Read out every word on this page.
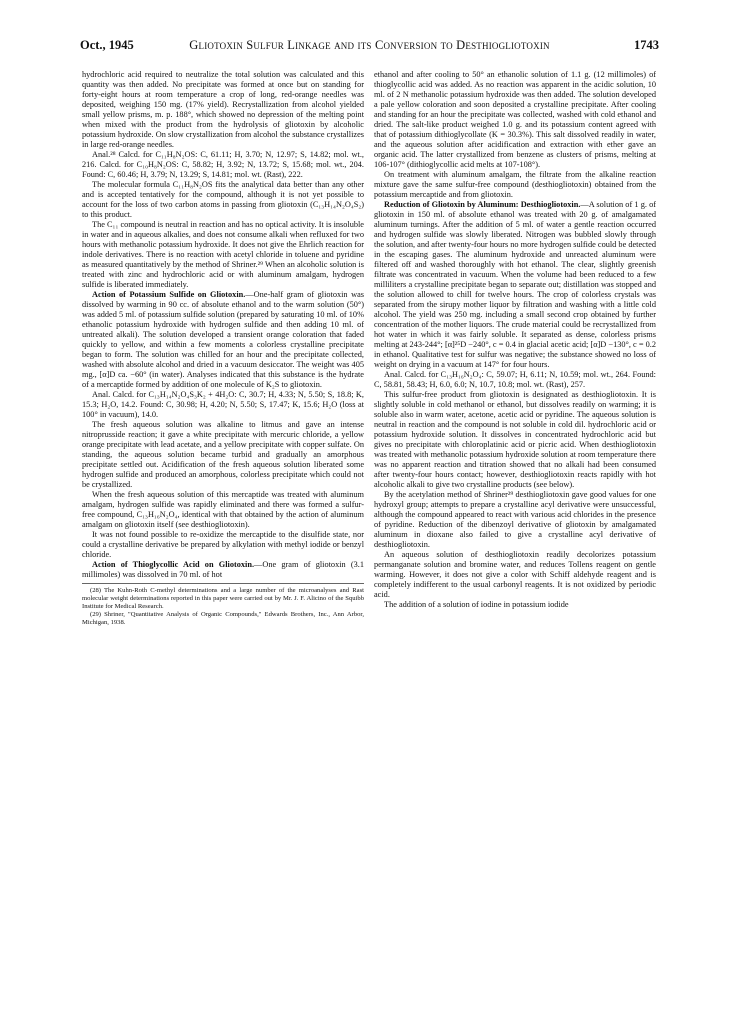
Oct., 1945	Gliotoxin Sulfur Linkage and its Conversion to Desthiogliotoxin	1743

hydrochloric acid required to neutralize the total solution was calculated and this quantity was then added. No precipitate was formed at once but on standing for forty-eight hours at room temperature a crop of long, red-orange needles was deposited, weighing 150 mg. (17% yield). Recrystallization from alcohol yielded small yellow prisms, m. p. 188°, which showed no depression of the melting point when mixed with the product from the hydrolysis of gliotoxin by alcoholic potassium hydroxide. On slow crystallization from alcohol the substance crystallizes in large red-orange needles.

Anal.²⁸ Calcd. for C₁₁H₈N₂OS: C, 61.11; H, 3.70; N, 12.97; S, 14.82; mol. wt., 216. Calcd. for C₁₀H₈N₂OS: C, 58.82; H, 3.92; N, 13.72; S, 15.68; mol. wt., 204. Found: C, 60.46; H, 3.79; N, 13.29; S, 14.81; mol. wt. (Rast), 222.

The molecular formula C₁₁H₈N₂OS fits the analytical data better than any other and is accepted tentatively for the compound, although it is not yet possible to account for the loss of two carbon atoms in passing from gliotoxin (C₁₃H₁₄N₂O₄S₂) to this product.

The C₁₁ compound is neutral in reaction and has no optical activity. It is insoluble in water and in aqueous alkalies, and does not consume alkali when refluxed for two hours with methanolic potassium hydroxide. It does not give the Ehrlich reaction for indole derivatives. There is no reaction with acetyl chloride in toluene and pyridine as measured quantitatively by the method of Shriner.²⁹ When an alcoholic solution is treated with zinc and hydrochloric acid or with aluminum amalgam, hydrogen sulfide is liberated immediately.

Action of Potassium Sulfide on Gliotoxin.—One-half gram of gliotoxin was dissolved by warming in 90 cc. of absolute ethanol and to the warm solution (50°) was added 5 ml. of potassium sulfide solution (prepared by saturating 10 ml. of 10% ethanolic potassium hydroxide with hydrogen sulfide and then adding 10 ml. of untreated alkali). The solution developed a transient orange coloration that faded quickly to yellow, and within a few moments a colorless crystalline precipitate began to form. The solution was chilled for an hour and the precipitate collected, washed with absolute alcohol and dried in a vacuum desiccator. The weight was 405 mg., [α]D ca. −60° (in water). Analyses indicated that this substance is the hydrate of a mercaptide formed by addition of one molecule of K₂S to gliotoxin.

Anal. Calcd. for C₁₃H₁₄N₂O₄S₃K₂ + 4H₂O: C, 30.7; H, 4.33; N, 5.50; S, 18.8; K, 15.3; H₂O, 14.2. Found: C, 30.98; H, 4.20; N, 5.50; S, 17.47; K, 15.6; H₂O (loss at 100° in vacuum), 14.0.

The fresh aqueous solution was alkaline to litmus and gave an intense nitroprusside reaction; it gave a white precipitate with mercuric chloride, a yellow orange precipitate with lead acetate, and a yellow precipitate with copper sulfate. On standing, the aqueous solution became turbid and gradually an amorphous precipitate settled out. Acidification of the fresh aqueous solution liberated some hydrogen sulfide and produced an amorphous, colorless precipitate which could not be crystallized.

When the fresh aqueous solution of this mercaptide was treated with aluminum amalgam, hydrogen sulfide was rapidly eliminated and there was formed a sulfur-free compound, C₁₃H₁₆N₂O₄, identical with that obtained by the action of aluminum amalgam on gliotoxin itself (see desthiogliotoxin).

It was not found possible to re-oxidize the mercaptide to the disulfide state, nor could a crystalline derivative be prepared by alkylation with methyl iodide or benzyl chloride.

Action of Thioglycollic Acid on Gliotoxin.—One gram of gliotoxin (3.1 millimoles) was dissolved in 70 ml. of hot

(28) The Kuhn-Roth C-methyl determinations and a large number of the microanalyses and Rast molecular weight determinations reported in this paper were carried out by Mr. J. F. Alicino of the Squibb Institute for Medical Research.

(29) Shriner, "Quantitative Analysis of Organic Compounds," Edwards Brothers, Inc., Ann Arbor, Michigan, 1938.

ethanol and after cooling to 50° an ethanolic solution of 1.1 g. (12 millimoles) of thioglycollic acid was added. As no reaction was apparent in the acidic solution, 10 ml. of 2 N methanolic potassium hydroxide was then added. The solution developed a pale yellow coloration and soon deposited a crystalline precipitate. After cooling and standing for an hour the precipitate was collected, washed with cold ethanol and dried. The salt-like product weighed 1.0 g. and its potassium content agreed with that of potassium dithioglycollate (K = 30.3%). This salt dissolved readily in water, and the aqueous solution after acidification and extraction with ether gave an organic acid. The latter crystallized from benzene as clusters of prisms, melting at 106-107° (dithioglycollic acid melts at 107-108°).

On treatment with aluminum amalgam, the filtrate from the alkaline reaction mixture gave the same sulfur-free compound (desthiogliotoxin) obtained from the potassium mercaptide and from gliotoxin.

Reduction of Gliotoxin by Aluminum: Desthiogliotoxin.—A solution of 1 g. of gliotoxin in 150 ml. of absolute ethanol was treated with 20 g. of amalgamated aluminum turnings. After the addition of 5 ml. of water a gentle reaction occurred and hydrogen sulfide was slowly liberated. Nitrogen was bubbled slowly through the solution, and after twenty-four hours no more hydrogen sulfide could be detected in the escaping gases. The aluminum hydroxide and unreacted aluminum were filtered off and washed thoroughly with hot ethanol. The clear, slightly greenish filtrate was concentrated in vacuum. When the volume had been reduced to a few milliliters a crystalline precipitate began to separate out; distillation was stopped and the solution allowed to chill for twelve hours. The crop of colorless crystals was separated from the sirupy mother liquor by filtration and washing with a little cold alcohol. The yield was 250 mg. including a small second crop obtained by further concentration of the mother liquors. The crude material could be recrystallized from hot water in which it was fairly soluble. It separated as dense, colorless prisms melting at 243-244°; [α]²⁵D −240°, c = 0.4 in glacial acetic acid; [α]D −130°, c = 0.2 in ethanol. Qualitative test for sulfur was negative; the substance showed no loss of weight on drying in a vacuum at 147° for four hours.

Anal. Calcd. for C₁₃H₁₆N₂O₄: C, 59.07; H, 6.11; N, 10.59; mol. wt., 264. Found: C, 58.81, 58.43; H, 6.0, 6.0; N, 10.7, 10.8; mol. wt. (Rast), 257.

This sulfur-free product from gliotoxin is designated as desthiogliotoxin. It is slightly soluble in cold methanol or ethanol, but dissolves readily on warming; it is soluble also in warm water, acetone, acetic acid or pyridine. The aqueous solution is neutral in reaction and the compound is not soluble in cold dil. hydrochloric acid or potassium hydroxide solution. It dissolves in concentrated hydrochloric acid but gives no precipitate with chloroplatinic acid or picric acid. When desthiogliotoxin was treated with methanolic potassium hydroxide solution at room temperature there was no apparent reaction and titration showed that no alkali had been consumed after twenty-four hours contact; however, desthiogliotoxin reacts rapidly with hot alcoholic alkali to give two crystalline products (see below).

By the acetylation method of Shriner²⁹ desthiogliotoxin gave good values for one hydroxyl group; attempts to prepare a crystalline acyl derivative were unsuccessful, although the compound appeared to react with various acid chlorides in the presence of pyridine. Reduction of the dibenzoyl derivative of gliotoxin by amalgamated aluminum in dioxane also failed to give a crystalline acyl derivative of desthiogliotoxin.

An aqueous solution of desthiogliotoxin readily decolorizes potassium permanganate solution and bromine water, and reduces Tollens reagent on gentle warming. However, it does not give a color with Schiff aldehyde reagent and is completely indifferent to the usual carbonyl reagents. It is not oxidized by periodic acid.

The addition of a solution of iodine in potassium iodide
